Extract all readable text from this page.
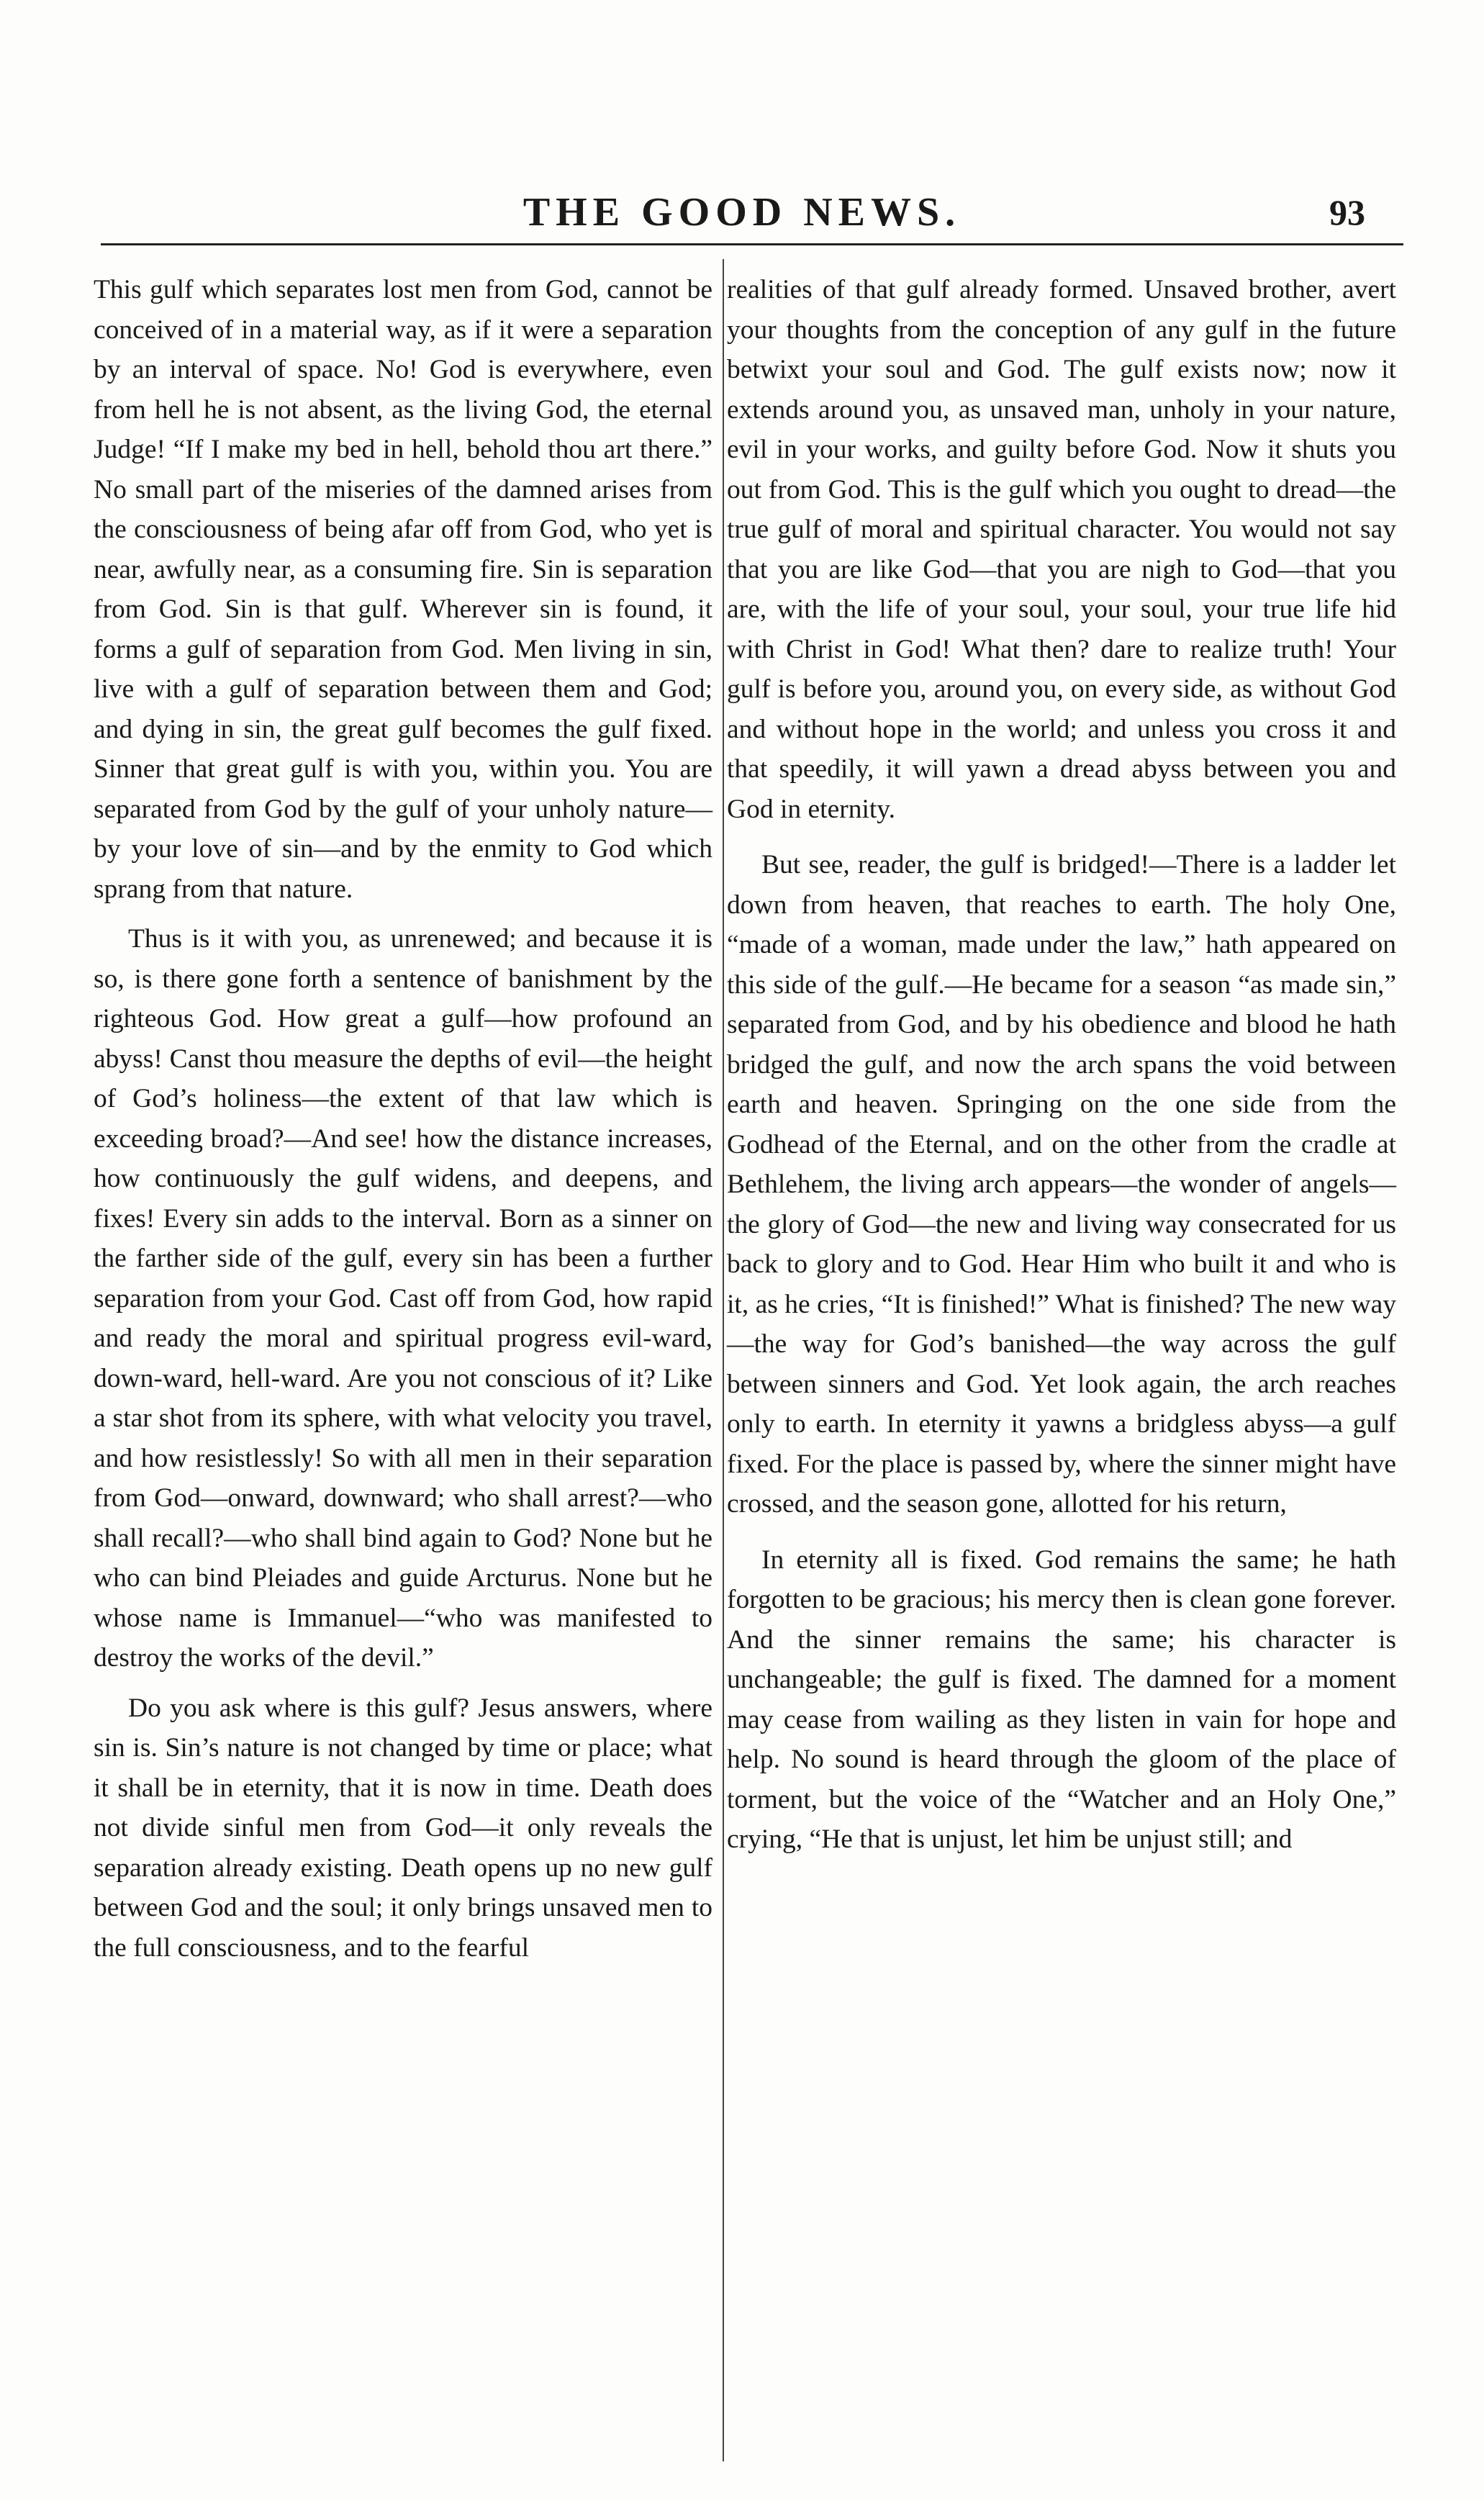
THE GOOD NEWS.	93

This gulf which separates lost men from God, cannot be conceived of in a material way, as if it were a separation by an interval of space. No! God is everywhere, even from hell he is not absent, as the living God, the eternal Judge! “If I make my bed in hell, behold thou art there.” No small part of the miseries of the damned arises from the consciousness of being afar off from God, who yet is near, awfully near, as a consuming fire. Sin is separation from God. Sin is that gulf. Wherever sin is found, it forms a gulf of separation from God. Men living in sin, live with a gulf of separation between them and God; and dying in sin, the great gulf becomes the gulf fixed. Sinner that great gulf is with you, within you. You are separated from God by the gulf of your unholy nature—by your love of sin—and by the enmity to God which sprang from that nature.

Thus is it with you, as unrenewed; and because it is so, is there gone forth a sentence of banishment by the righteous God. How great a gulf—how profound an abyss! Canst thou measure the depths of evil—the height of God’s holiness—the extent of that law which is exceeding broad?—And see! how the distance increases, how continuously the gulf widens, and deepens, and fixes! Every sin adds to the interval. Born as a sinner on the farther side of the gulf, every sin has been a further separation from your God. Cast off from God, how rapid and ready the moral and spiritual progress evil-ward, down-ward, hell-ward. Are you not conscious of it? Like a star shot from its sphere, with what velocity you travel, and how resistlessly! So with all men in their separation from God—onward, downward; who shall arrest?—who shall recall?—who shall bind again to God? None but he who can bind Pleiades and guide Arcturus. None but he whose name is Immanuel—“who was manifested to destroy the works of the devil.”

Do you ask where is this gulf? Jesus answers, where sin is. Sin’s nature is not changed by time or place; what it shall be in eternity, that it is now in time. Death does not divide sinful men from God—it only reveals the separation already existing. Death opens up no new gulf between God and the soul; it only brings unsaved men to the full consciousness, and to the fearful

realities of that gulf already formed. Unsaved brother, avert your thoughts from the conception of any gulf in the future betwixt your soul and God. The gulf exists now; now it extends around you, as unsaved man, unholy in your nature, evil in your works, and guilty before God. Now it shuts you out from God. This is the gulf which you ought to dread—the true gulf of moral and spiritual character. You would not say that you are like God—that you are nigh to God—that you are, with the life of your soul, your soul, your true life hid with Christ in God! What then? dare to realize truth! Your gulf is before you, around you, on every side, as without God and without hope in the world; and unless you cross it and that speedily, it will yawn a dread abyss between you and God in eternity.

But see, reader, the gulf is bridged!—There is a ladder let down from heaven, that reaches to earth. The holy One, “made of a woman, made under the law,” hath appeared on this side of the gulf.—He became for a season “as made sin,” separated from God, and by his obedience and blood he hath bridged the gulf, and now the arch spans the void between earth and heaven. Springing on the one side from the Godhead of the Eternal, and on the other from the cradle at Bethlehem, the living arch appears—the wonder of angels—the glory of God—the new and living way consecrated for us back to glory and to God. Hear Him who built it and who is it, as he cries, “It is finished!” What is finished? The new way—the way for God’s banished—the way across the gulf between sinners and God. Yet look again, the arch reaches only to earth. In eternity it yawns a bridgless abyss—a gulf fixed. For the place is passed by, where the sinner might have crossed, and the season gone, allotted for his return,

In eternity all is fixed. God remains the same; he hath forgotten to be gracious; his mercy then is clean gone forever. And the sinner remains the same; his character is unchangeable; the gulf is fixed. The damned for a moment may cease from wailing as they listen in vain for hope and help. No sound is heard through the gloom of the place of torment, but the voice of the “Watcher and an Holy One,” crying, “He that is unjust, let him be unjust still; and
